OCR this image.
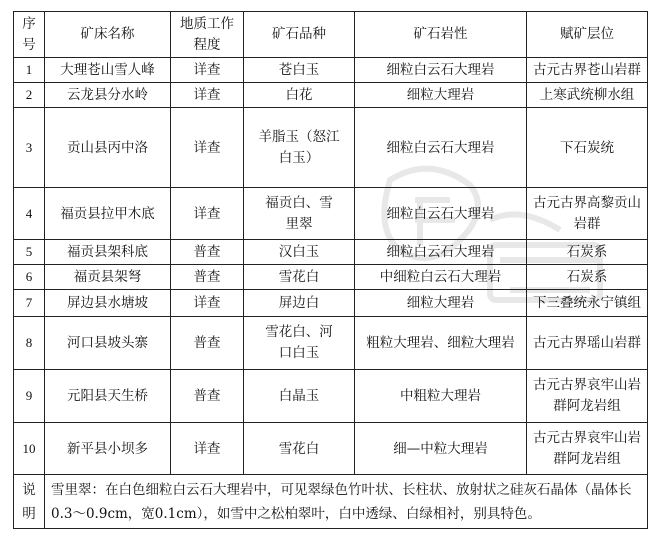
序号	矿床名称	地质工作程度	矿石品种	矿石岩性	赋矿层位
1	大理苍山雪人峰	详查	苍白玉	细粒白云石大理岩	古元古界苍山岩群
2	云龙县分水岭	详查	白花	细粒大理岩	上寒武统柳水组
3	贡山县丙中洛	详查	羊脂玉（怒江白玉）	细粒白云石大理岩	下石炭统
4	福贡县拉甲木底	详查	福贡白、雪里翠	细粒白云石大理岩	古元古界高黎贡山岩群
5	福贡县架科底	普查	汉白玉	细粒白云石大理岩	石炭系
6	福贡县架弩	普查	雪花白	中细粒白云石大理岩	石炭系
7	屏边县水塘坡	详查	屏边白	细粒大理岩	下三叠统永宁镇组
8	河口县坡头寨	普查	雪花白、河口白玉	粗粒大理岩、细粒大理岩	古元古界瑶山岩群
9	元阳县天生桥	普查	白晶玉	中粗粒大理岩	古元古界哀牢山岩群阿龙岩组
10	新平县小坝多	详查	雪花白	细—中粒大理岩	古元古界哀牢山岩群阿龙岩组
说明	雪里翠：在白色细粒白云石大理岩中，可见翠绿色竹叶状、长柱状、放射状之硅灰石晶体（晶体长0.3～0.9cm，宽0.1cm），如雪中之松柏翠叶，白中透绿、白绿相衬，别具特色。				
